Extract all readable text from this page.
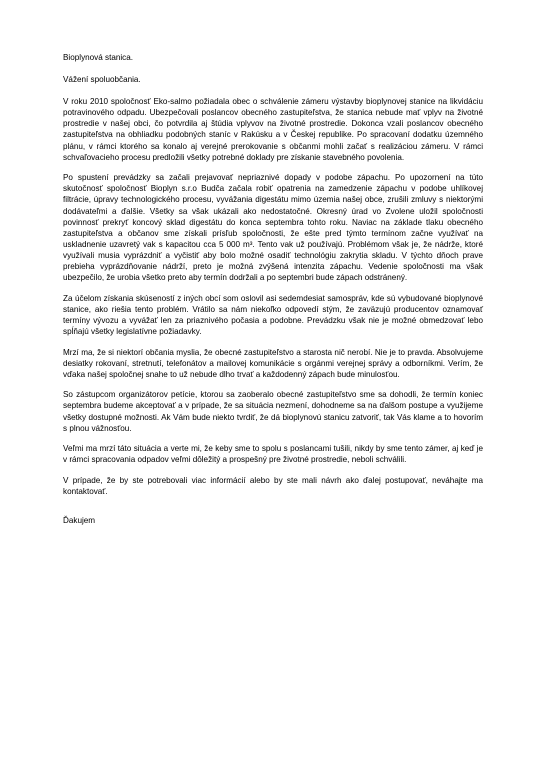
Bioplynová stanica.

Vážení spoluobčania.

V roku 2010 spoločnosť Eko-salmo požiadala obec o schválenie zámeru výstavby bioplynovej stanice na likvidáciu potravinového odpadu. Ubezpečovali poslancov obecného zastupiteľstva, že stanica nebude mať vplyv na životné prostredie v našej obci, čo potvrdila aj štúdia vplyvov na životné prostredie. Dokonca vzali poslancov obecného zastupiteľstva na obhliadku podobných staníc v Rakúsku a v Českej republike. Po spracovaní dodatku územného plánu, v rámci ktorého sa konalo aj verejné prerokovanie s občanmi mohli začať s realizáciou zámeru. V rámci schvaľovacieho procesu predložili všetky potrebné doklady pre získanie stavebného povolenia.

Po spustení prevádzky sa začali prejavovať nepriaznivé dopady v podobe zápachu. Po upozornení na túto skutočnosť spoločnosť Bioplyn s.r.o Budča začala robiť opatrenia na zamedzenie zápachu v podobe uhlíkovej filtrácie, úpravy technologického procesu, vyvážania digestátu mimo územia našej obce, zrušili zmluvy s niektorými dodávateľmi a ďalšie. Všetky sa však ukázali ako nedostatočné. Okresný úrad vo Zvolene uložil spoločnosti povinnosť prekryť koncový sklad digestátu do konca septembra tohto roku. Naviac na základe tlaku obecného zastupiteľstva a občanov sme získali prísľub spoločnosti, že ešte pred týmto termínom začne využívať na uskladnenie uzavretý vak s kapacitou cca 5 000 m³. Tento vak už používajú. Problémom však je, že nádrže, ktoré využívali musia vyprázdniť a vyčistiť aby bolo možné osadiť technológiu zakrytia skladu. V týchto dňoch prave prebieha vyprázdňovanie nádrží, preto je možná zvýšená intenzita zápachu. Vedenie spoločnosti ma však ubezpečilo, že urobia všetko preto aby termín dodržali a po septembri bude zápach odstránený.

Za účelom získania skúseností z iných obcí som oslovil asi sedemdesiat samospráv, kde sú vybudované bioplynové stanice, ako riešia tento problém. Vrátilo sa nám niekoľko odpovedí stým, že zaväzujú producentov oznamovať termíny vývozu a vyvážať len za priaznivého počasia a podobne. Prevádzku však nie je možné obmedzovať lebo spĺňajú všetky legislatívne požiadavky.

Mrzí ma, že si niektorí občania myslia, že obecné zastupiteľstvo a starosta nič nerobí. Nie je to pravda. Absolvujeme desiatky rokovaní, stretnutí, telefonátov a mailovej komunikácie s orgánmi verejnej správy a odborníkmi. Verím, že vďaka našej spoločnej snahe to už nebude dlho trvať a každodenný zápach bude minulosťou.

So zástupcom organizátorov petície, ktorou sa zaoberalo obecné zastupiteľstvo sme sa dohodli, že termín koniec septembra budeme akceptovať a v prípade, že sa situácia nezmení, dohodneme sa na ďalšom postupe a využijeme všetky dostupné možnosti. Ak Vám bude niekto tvrdiť, že dá bioplynovú stanicu zatvoriť, tak Vás klame a to hovorím s plnou vážnosťou.

Veľmi ma mrzí táto situácia a verte mi, že keby sme to spolu s poslancami tušili, nikdy by sme tento zámer, aj keď je v rámci spracovania odpadov veľmi dôležitý a prospešný pre životné prostredie, neboli schválili.

V prípade, že by ste potrebovali viac informácií alebo by ste mali návrh ako ďalej postupovať, neváhajte ma kontaktovať.

Ďakujem
